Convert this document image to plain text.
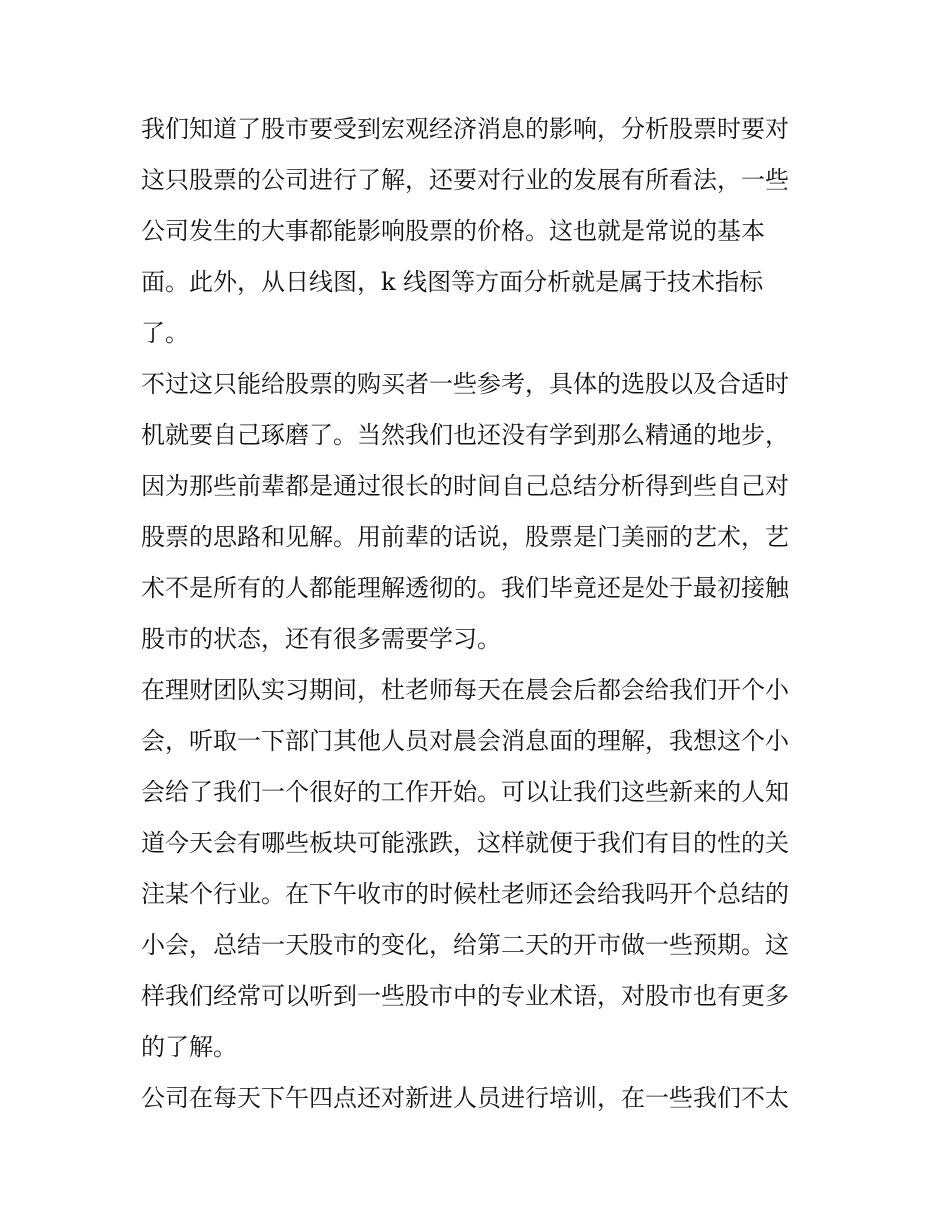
我们知道了股市要受到宏观经济消息的影响，分析股票时要对
这只股票的公司进行了解，还要对行业的发展有所看法，一些
公司发生的大事都能影响股票的价格。这也就是常说的基本
面。此外，从日线图，k 线图等方面分析就是属于技术指标
了。
不过这只能给股票的购买者一些参考，具体的选股以及合适时
机就要自己琢磨了。当然我们也还没有学到那么精通的地步，
因为那些前辈都是通过很长的时间自己总结分析得到些自己对
股票的思路和见解。用前辈的话说，股票是门美丽的艺术，艺
术不是所有的人都能理解透彻的。我们毕竟还是处于最初接触
股市的状态，还有很多需要学习。
在理财团队实习期间，杜老师每天在晨会后都会给我们开个小
会，听取一下部门其他人员对晨会消息面的理解，我想这个小
会给了我们一个很好的工作开始。可以让我们这些新来的人知
道今天会有哪些板块可能涨跌，这样就便于我们有目的性的关
注某个行业。在下午收市的时候杜老师还会给我吗开个总结的
小会，总结一天股市的变化，给第二天的开市做一些预期。这
样我们经常可以听到一些股市中的专业术语，对股市也有更多
的了解。
公司在每天下午四点还对新进人员进行培训，在一些我们不太
